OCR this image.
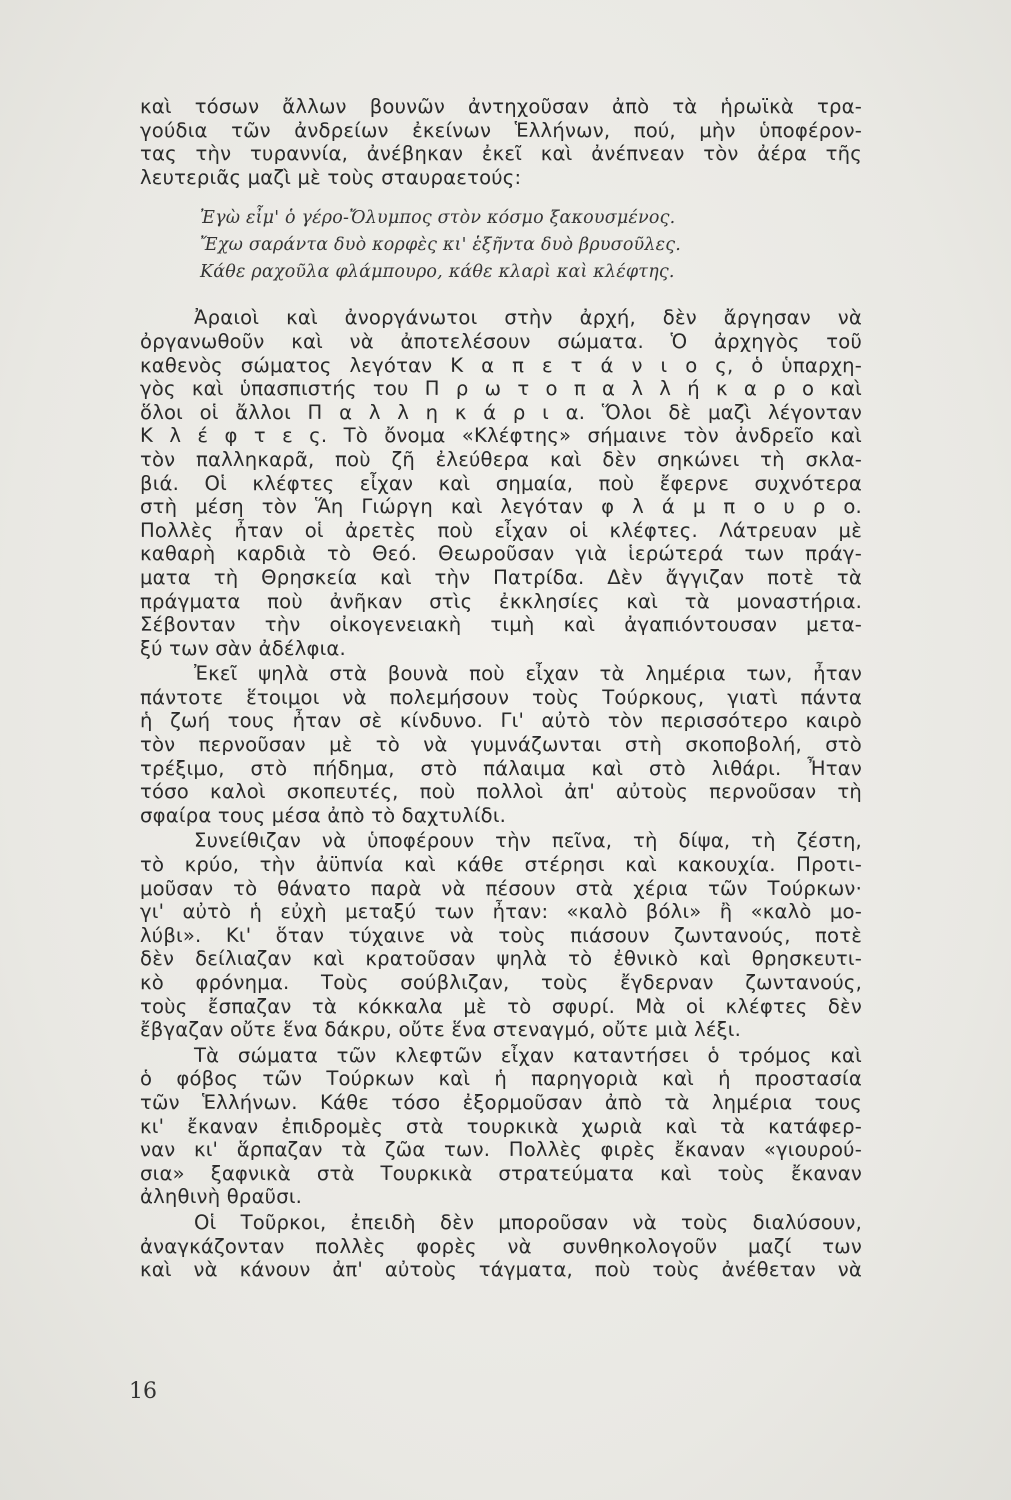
καὶ τόσων ἄλλων βουνῶν ἀντηχοῦσαν ἀπὸ τὰ ἡρωϊκὰ τρα-
γούδια τῶν ἀνδρείων ἐκείνων Ἑλλήνων, πού, μὴν ὑποφέρον-
τας τὴν τυραννία, ἀνέβηκαν ἐκεῖ καὶ ἀνέπνεαν τὸν ἀέρα τῆς
λευτεριᾶς μαζὶ μὲ τοὺς σταυραετούς:
Ἐγὼ εἶμ' ὁ γέρο-Ὄλυμπος στὸν κόσμο ξακουσμένος.
Ἔχω σαράντα δυὸ κορφὲς κι' ἑξῆντα δυὸ βρυσοῦλες.
Κάθε ραχοῦλα φλάμπουρο, κάθε κλαρὶ καὶ κλέφτης.
Ἀραιοὶ καὶ ἀνοργάνωτοι στὴν ἀρχή, δὲν ἄργησαν νὰ
ὀργανωθοῦν καὶ νὰ ἀποτελέσουν σώματα. Ὁ ἀρχηγὸς τοῦ
καθενὸς σώματος λεγόταν Κ α π ε τ ά ν ι ο ς, ὁ ὑπαρχη-
γὸς καὶ ὑπασπιστής του Π ρ ω τ ο π α λ λ ή κ α ρ ο καὶ
ὅλοι οἱ ἄλλοι Π α λ λ η κ ά ρ ι α. Ὅλοι δὲ μαζὶ λέγονταν
Κ λ έ φ τ ε ς. Τὸ ὄνομα «Κλέφτης» σήμαινε τὸν ἀνδρεῖο καὶ
τὸν παλληκαρᾶ, ποὺ ζῆ ἐλεύθερα καὶ δὲν σηκώνει τὴ σκλα-
βιά. Οἱ κλέφτες εἶχαν καὶ σημαία, ποὺ ἔφερνε συχνότερα
στὴ μέση τὸν Ἅη Γιώργη καὶ λεγόταν φ λ ά μ π ο υ ρ ο.
Πολλὲς ἦταν οἱ ἀρετὲς ποὺ εἶχαν οἱ κλέφτες. Λάτρευαν μὲ
καθαρὴ καρδιὰ τὸ Θεό. Θεωροῦσαν γιὰ ἱερώτερά των πράγ-
ματα τὴ Θρησκεία καὶ τὴν Πατρίδα. Δὲν ἄγγιζαν ποτὲ τὰ
πράγματα ποὺ ἀνῆκαν στὶς ἐκκλησίες καὶ τὰ μοναστήρια.
Σέβονταν τὴν οἰκογενειακὴ τιμὴ καὶ ἀγαπιόντουσαν μετα-
ξύ των σὰν ἀδέλφια.
Ἐκεῖ ψηλὰ στὰ βουνὰ ποὺ εἶχαν τὰ λημέρια των, ἦταν
πάντοτε ἕτοιμοι νὰ πολεμήσουν τοὺς Τούρκους, γιατὶ πάντα
ἡ ζωή τους ἦταν σὲ κίνδυνο. Γι' αὐτὸ τὸν περισσότερο καιρὸ
τὸν περνοῦσαν μὲ τὸ νὰ γυμνάζωνται στὴ σκοποβολή, στὸ
τρέξιμο, στὸ πήδημα, στὸ πάλαιμα καὶ στὸ λιθάρι. Ἦταν
τόσο καλοὶ σκοπευτές, ποὺ πολλοὶ ἀπ' αὐτοὺς περνοῦσαν τὴ
σφαίρα τους μέσα ἀπὸ τὸ δαχτυλίδι.
Συνείθιζαν νὰ ὑποφέρουν τὴν πεῖνα, τὴ δίψα, τὴ ζέστη,
τὸ κρύο, τὴν ἀϋπνία καὶ κάθε στέρησι καὶ κακουχία. Προτι-
μοῦσαν τὸ θάνατο παρὰ νὰ πέσουν στὰ χέρια τῶν Τούρκων·
γι' αὐτὸ ἡ εὐχὴ μεταξύ των ἦταν: «καλὸ βόλι» ἢ «καλὸ μο-
λύβι». Κι' ὅταν τύχαινε νὰ τοὺς πιάσουν ζωντανούς, ποτὲ
δὲν δείλιαζαν καὶ κρατοῦσαν ψηλὰ τὸ ἐθνικὸ καὶ θρησκευτι-
κὸ φρόνημα. Τοὺς σούβλιζαν, τοὺς ἔγδερναν ζωντανούς,
τοὺς ἔσπαζαν τὰ κόκκαλα μὲ τὸ σφυρί. Μὰ οἱ κλέφτες δὲν
ἔβγαζαν οὔτε ἕνα δάκρυ, οὔτε ἕνα στεναγμό, οὔτε μιὰ λέξι.
Τὰ σώματα τῶν κλεφτῶν εἶχαν καταντήσει ὁ τρόμος καὶ
ὁ φόβος τῶν Τούρκων καὶ ἡ παρηγοριὰ καὶ ἡ προστασία
τῶν Ἑλλήνων. Κάθε τόσο ἐξορμοῦσαν ἀπὸ τὰ λημέρια τους
κι' ἔκαναν ἐπιδρομὲς στὰ τουρκικὰ χωριὰ καὶ τὰ κατάφερ-
ναν κι' ἅρπαζαν τὰ ζῶα των. Πολλὲς φιρὲς ἔκαναν «γιουρού-
σια» ξαφνικὰ στὰ Τουρκικὰ στρατεύματα καὶ τοὺς ἔκαναν
ἀληθινὴ θραῦσι.
Οἱ Τοῦρκοι, ἐπειδὴ δὲν μποροῦσαν νὰ τοὺς διαλύσουν,
ἀναγκάζονταν πολλὲς φορὲς νὰ συνθηκολογοῦν μαζί των
καὶ νὰ κάνουν ἀπ' αὐτοὺς τάγματα, ποὺ τοὺς ἀνέθεταν νὰ
16
